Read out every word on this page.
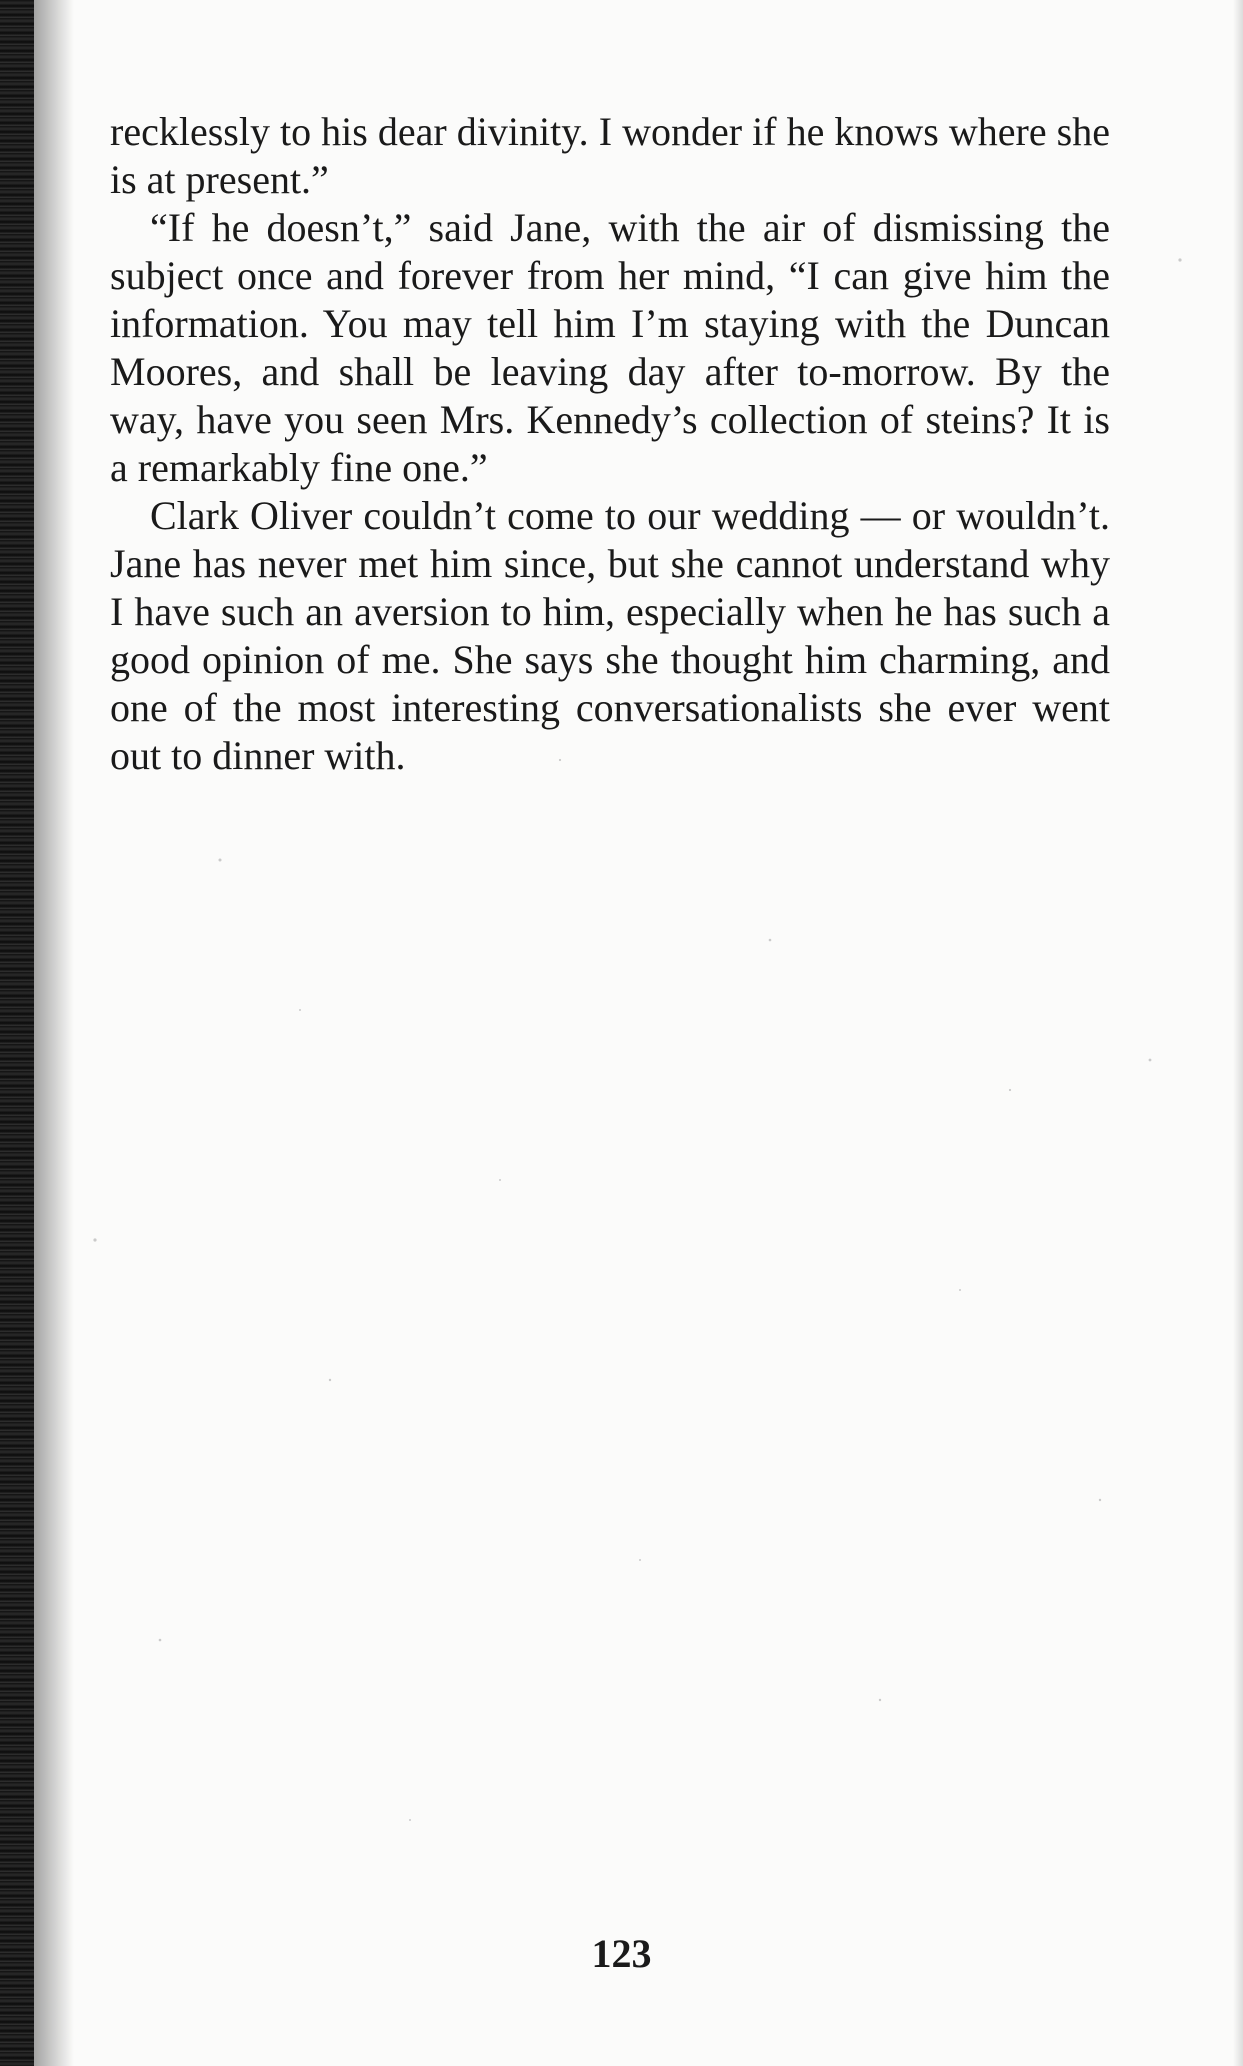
recklessly to his dear divinity. I wonder if he knows where she is at present.”

“If he doesn’t,” said Jane, with the air of dismissing the subject once and forever from her mind, “I can give him the information. You may tell him I’m staying with the Duncan Moores, and shall be leaving day after to-morrow. By the way, have you seen Mrs. Kennedy’s collection of steins? It is a remarkably fine one.”

Clark Oliver couldn’t come to our wedding — or wouldn’t. Jane has never met him since, but she cannot understand why I have such an aversion to him, especially when he has such a good opinion of me. She says she thought him charming, and one of the most interesting conversationalists she ever went out to dinner with.

123
